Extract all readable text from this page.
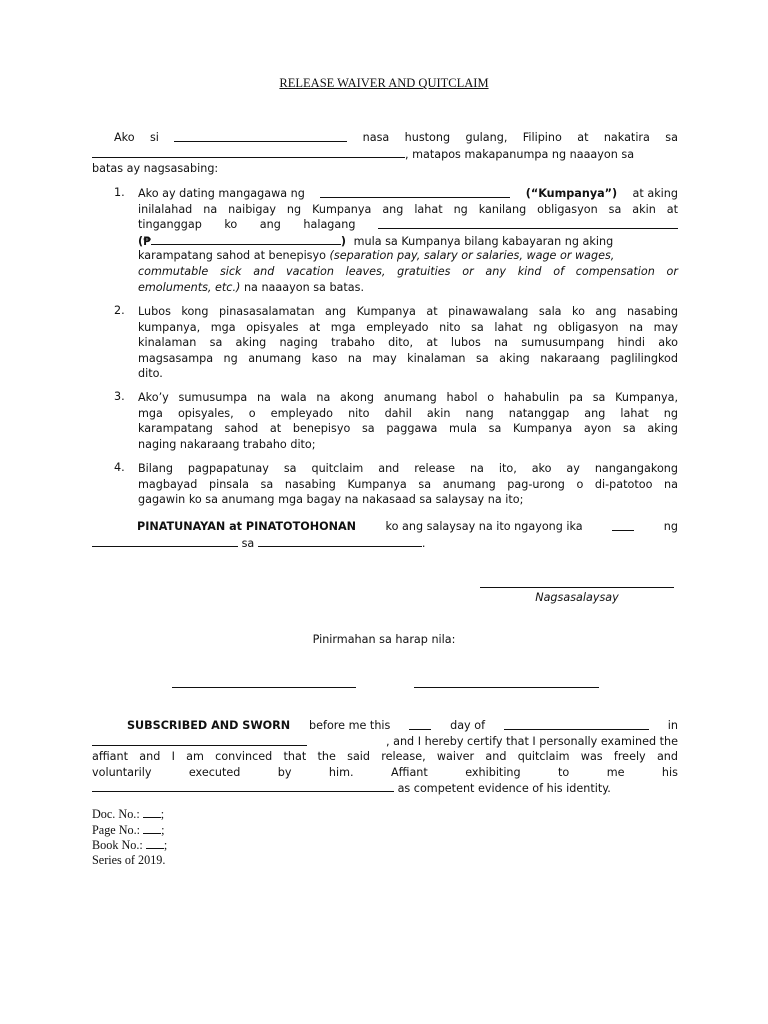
RELEASE WAIVER AND QUITCLAIM
Ako si	nasa hustong gulang, Filipino at nakatira sa
, matapos makapanumpa ng naaayon sa
batas ay nagsasabing:
1. Ako ay dating mangagawa ng	(“Kumpanya”) at aking
inilalahad na naibigay ng Kumpanya ang lahat ng kanilang obligasyon sa akin at
tinganggap ko ang halagang
(₱	) mula sa Kumpanya bilang kabayaran ng aking
karampatang sahod at benepisyo (separation pay, salary or salaries, wage or wages,
commutable sick and vacation leaves, gratuities or any kind of compensation or
emoluments, etc.) na naaayon sa batas.
2. Lubos kong pinasasalamatan ang Kumpanya at pinawawalang sala ko ang nasabing
kumpanya, mga opisyales at mga empleyado nito sa lahat ng obligasyon na may
kinalaman sa aking naging trabaho dito, at lubos na sumusumpang hindi ako
magsasampa ng anumang kaso na may kinalaman sa aking nakaraang paglilingkod
dito.
3. Ako’y sumusumpa na wala na akong anumang habol o hahabulin pa sa Kumpanya,
mga opisyales, o empleyado nito dahil akin nang natanggap ang lahat ng
karampatang sahod at benepisyo sa paggawa mula sa Kumpanya ayon sa aking
naging nakaraang trabaho dito;
4. Bilang pagpapatunay sa quitclaim and release na ito, ako ay nangangakong
magbayad pinsala sa nasabing Kumpanya sa anumang pag-urong o di-patotoo na
gagawin ko sa anumang mga bagay na nakasaad sa salaysay na ito;
PINATUNAYAN at PINATOTOHONAN	ko ang salaysay na ito ngayong ika	ng
sa	.
Nagsasalaysay
Pinirmahan sa harap nila:
SUBSCRIBED AND SWORN before me this	day of	in
, and I hereby certify that I personally examined the
affiant and I am convinced that the said release, waiver and quitclaim was freely and
voluntarily	executed	by	him.	Affiant	exhibiting	to	me	his
as competent evidence of his identity.
Doc. No.: ;
Page No.: ;
Book No.: ;
Series of 2019.
